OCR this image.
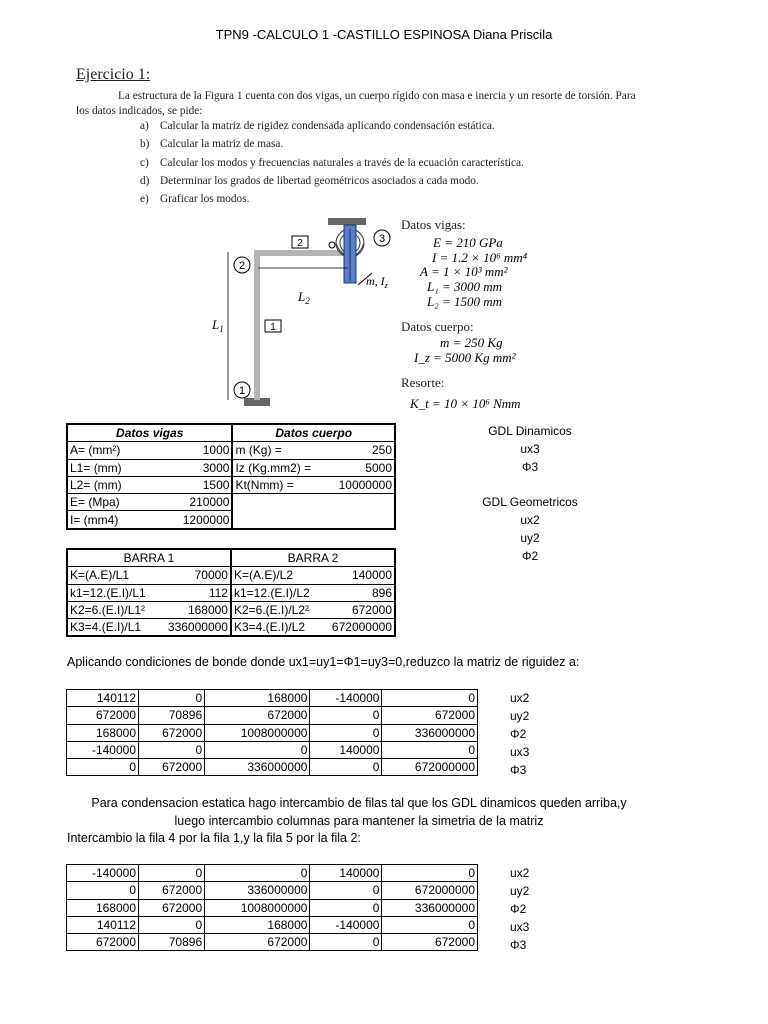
TPN9 -CALCULO 1 -CASTILLO ESPINOSA Diana Priscila
Ejercicio 1:
La estructura de la Figura 1 cuenta con dos vigas, un cuerpo rígido con masa e inercia y un resorte de torsión. Para los datos indicados, se pide:
a) Calcular la matriz de rigidez condensada aplicando condensación estática.
b) Calcular la matriz de masa.
c) Calcular los modos y frecuencias naturales a través de la ecuación característica.
d) Determinar los grados de libertad geométricos asociados a cada modo.
e) Graficar los modos.
2
1
3
2
1
$L_1$
$L_2$
m, $I_z$
Datos vigas:
E = 210 GPa
I = 1.2 × 10⁶ mm⁴
A = 1 × 10³ mm²
L₁ = 3000 mm
L₂ = 1500 mm
Datos cuerpo:
m = 250 Kg
I_z = 5000 Kg mm²
Resorte:
K_t = 10 × 10⁶ Nmm
Datos vigas		Datos cuerpo	
A= (mm²)	1000	m (Kg) =	250
L1= (mm)	3000	Iz (Kg.mm2) =	5000
L2= (mm)	1500	Kt(Nmm) =	10000000
E= (Mpa)	210000		
I= (mm4)	1200000		
BARRA 1		BARRA 2	
K=(A.E)/L1	70000	K=(A.E)/L2	140000
k1=12.(E.I)/L1	112	k1=12.(E.I)/L2	896
K2=6.(E.I)/L1²	168000	K2=6.(E.I)/L2²	672000
K3=4.(E.I)/L1	336000000	K3=4.(E.I)/L2	672000000
GDL Dinamicos
ux3
Φ3
GDL Geometricos
ux2
uy2
Φ2
Aplicando condiciones de bonde donde ux1=uy1=Φ1=uy3=0,reduzco la matriz de riguidez a:
140112	0	168000	-140000	0
672000	70896	672000	0	672000
168000	672000	1008000000	0	336000000
-140000	0	0	140000	0
0	672000	336000000	0	672000000
ux2
uy2
Φ2
ux3
Φ3
Para condensacion estatica hago intercambio de filas tal que los GDL dinamicos queden arriba,y
luego intercambio columnas para mantener la simetria de la matriz
Intercambio la fila 4 por la fila 1,y la fila 5 por la fila 2:
-140000	0	0	140000	0
0	672000	336000000	0	672000000
168000	672000	1008000000	0	336000000
140112	0	168000	-140000	0
672000	70896	672000	0	672000
ux2
uy2
Φ2
ux3
Φ3
